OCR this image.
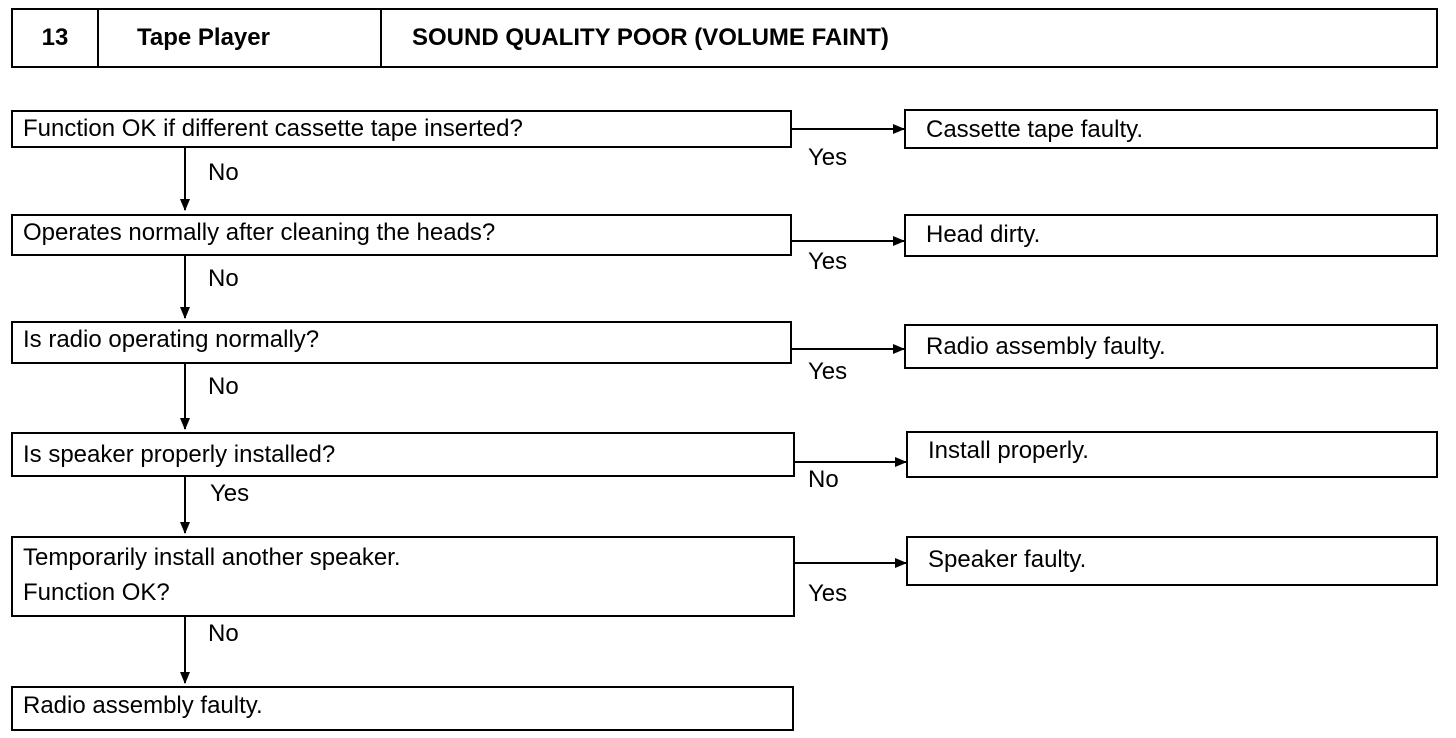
13	Tape Player	SOUND QUALITY POOR (VOLUME FAINT)
Function OK if different cassette tape inserted?	Cassette tape faulty.
Yes
No
Operates normally after cleaning the heads?	Head dirty.
Yes
No
Is radio operating normally?	Radio assembly faulty.
Yes
No
Is speaker properly installed?	Install properly.
No
Yes
Temporarily install another speaker.
Function OK?
Speaker faulty.
Yes
No
Radio assembly faulty.
